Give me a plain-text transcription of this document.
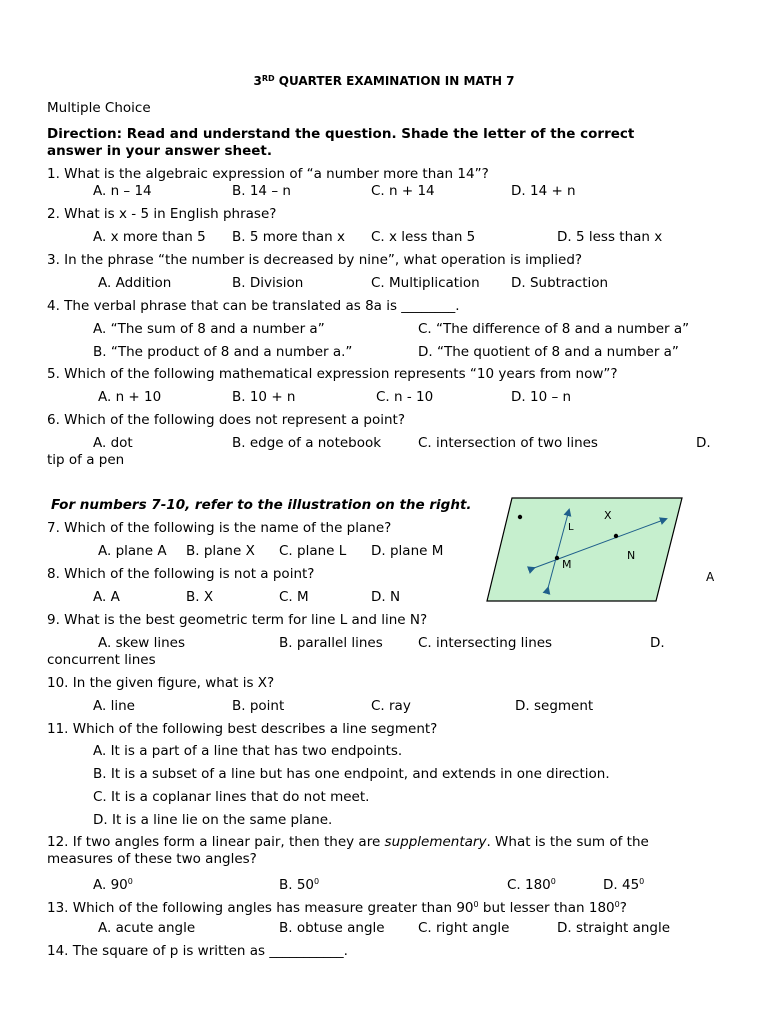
3RD QUARTER EXAMINATION IN MATH 7
Multiple Choice
Direction: Read and understand the question. Shade the letter of the correct
answer in your answer sheet.
1. What is the algebraic expression of “a number more than 14”?
A. n – 14	B. 14 – n	C. n + 14	D. 14 + n
2. What is x - 5 in English phrase?
A. x more than 5 B. 5 more than x C. x less than 5	D. 5 less than x
3. In the phrase “the number is decreased by nine”, what operation is implied?
A. Addition	B. Division	C. Multiplication D. Subtraction
4. The verbal phrase that can be translated as 8a is ________.
A. “The sum of 8 and a number a”	C. “The difference of 8 and a number a”
B. “The product of 8 and a number a.”	D. “The quotient of 8 and a number a”
5. Which of the following mathematical expression represents “10 years from now”?
A. n + 10	B. 10 + n	C. n - 10	D. 10 – n
6. Which of the following does not represent a point?
A. dot	B. edge of a notebook	C. intersection of two lines	D.
tip of a pen
For numbers 7-10, refer to the illustration on the right.
X
L
M
N
A
7. Which of the following is the name of the plane?
A. plane A B. plane X C. plane L D. plane M
8. Which of the following is not a point?
A. A	B. X	C. M	D. N
9. What is the best geometric term for line L and line N?
A. skew lines	B. parallel lines	C. intersecting lines	D.
concurrent lines
10. In the given figure, what is X?
A. line	B. point	C. ray	D. segment
11. Which of the following best describes a line segment?
A. It is a part of a line that has two endpoints.
B. It is a subset of a line but has one endpoint, and extends in one direction.
C. It is a coplanar lines that do not meet.
D. It is a line lie on the same plane.
12. If two angles form a linear pair, then they are supplementary. What is the sum of the
measures of these two angles?
A. $90^0$	B. $50^0$	C. $180^0$	D. $45^0$
13. Which of the following angles has measure greater than $90^0$ but lesser than $180^0$?
A. acute angle	B. obtuse angle C. right angle	D. straight angle
14. The square of p is written as ___________.
